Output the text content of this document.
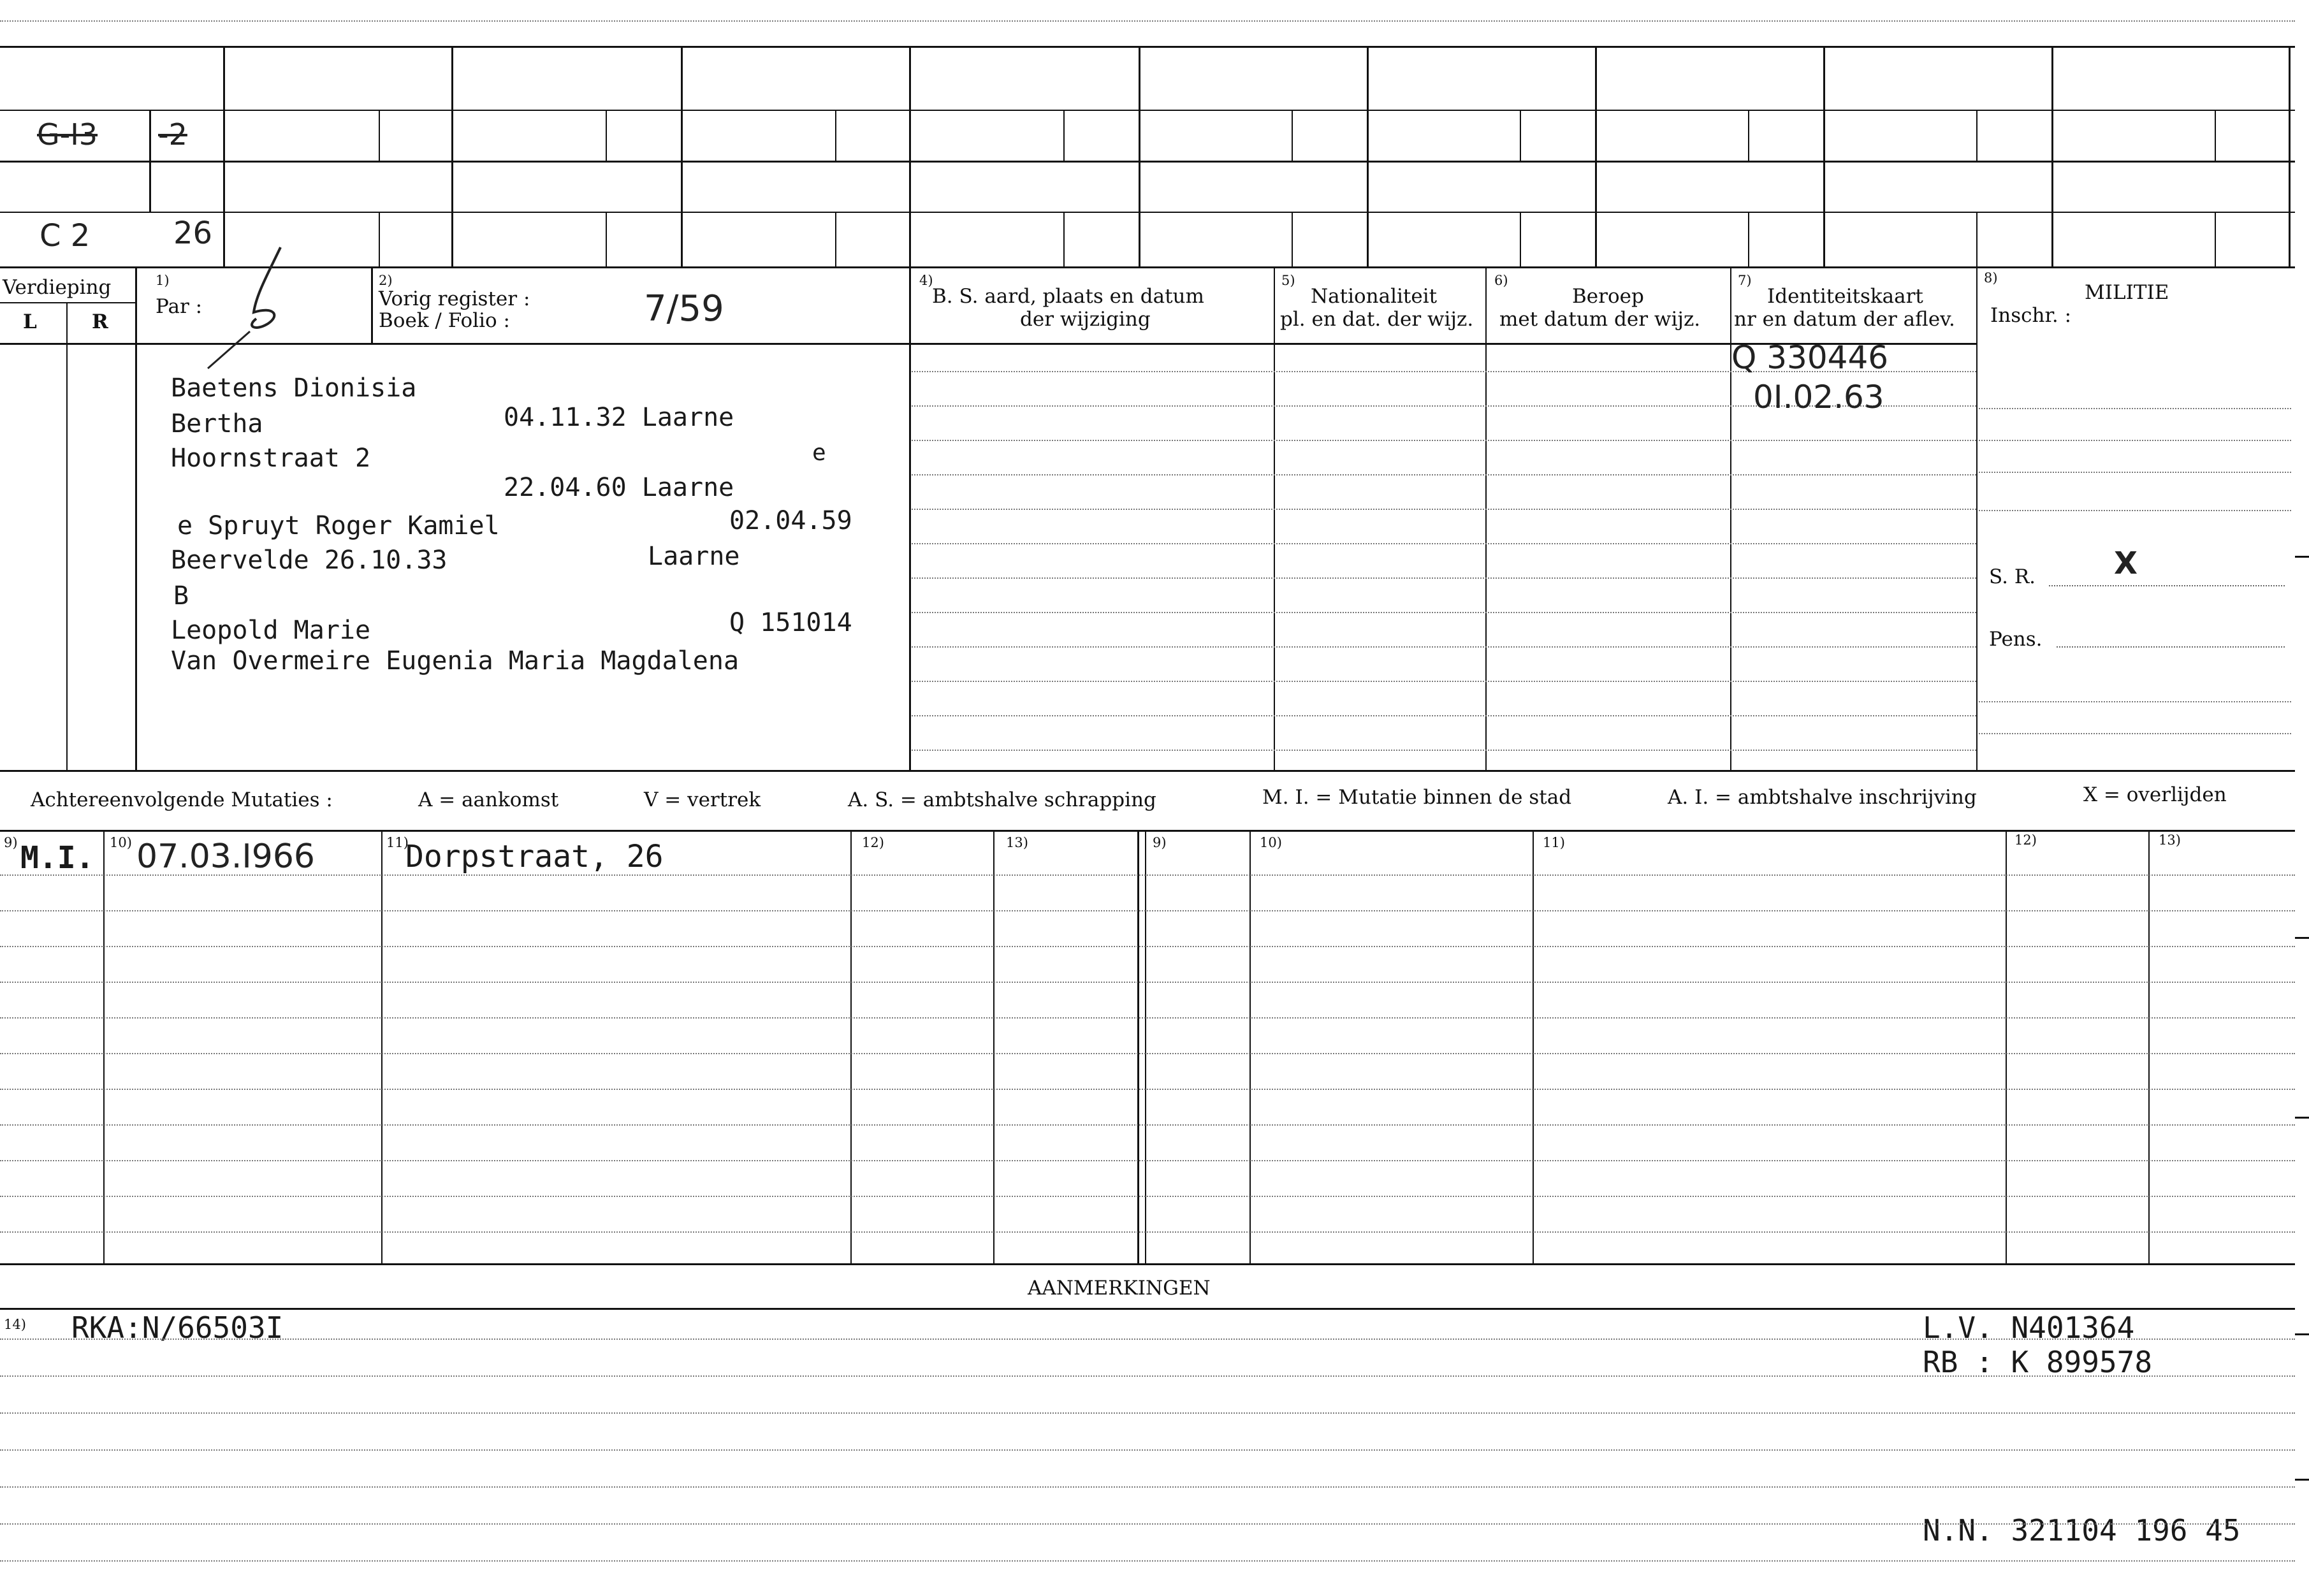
G-I3 -2
C 2	26
Verdieping
L	R
1)
Par :
2)
Vorig register :
Boek / Folio :	7/59
4)
B. S. aard, plaats en datum
der wijziging
5)
Nationaliteit
pl. en dat. der wijz.
6)
Beroep
met datum der wijz.
7)
Identiteitskaart
nr en datum der aflev.
8)
MILITIE
Inschr. :
Baetens Dionisia
Bertha	04.11.32 Laarne
Hoornstraat 2	e
22.04.60 Laarne
e Spruyt Roger Kamiel	02.04.59
Beervelde 26.10.33	Laarne
B
Leopold Marie	Q 151014
Van Overmeire Eugenia Maria Magdalena
Q 330446
0I.02.63
S. R.	X
Pens.
Achtereenvolgende Mutaties :	A = aankomst	V = vertrek	A. S. = ambtshalve schrapping	M. I. = Mutatie binnen de stad	A. I. = ambtshalve inschrijving	X = overlijden
9)	10)	11)	12)	13)	9)	10)	11)	12)	13)
M.I. 07.03.I966	Dorpstraat, 26
AANMERKINGEN
14) RKA:N/66503I	L.V. N401364
RB : K 899578
N.N. 321104 196 45
